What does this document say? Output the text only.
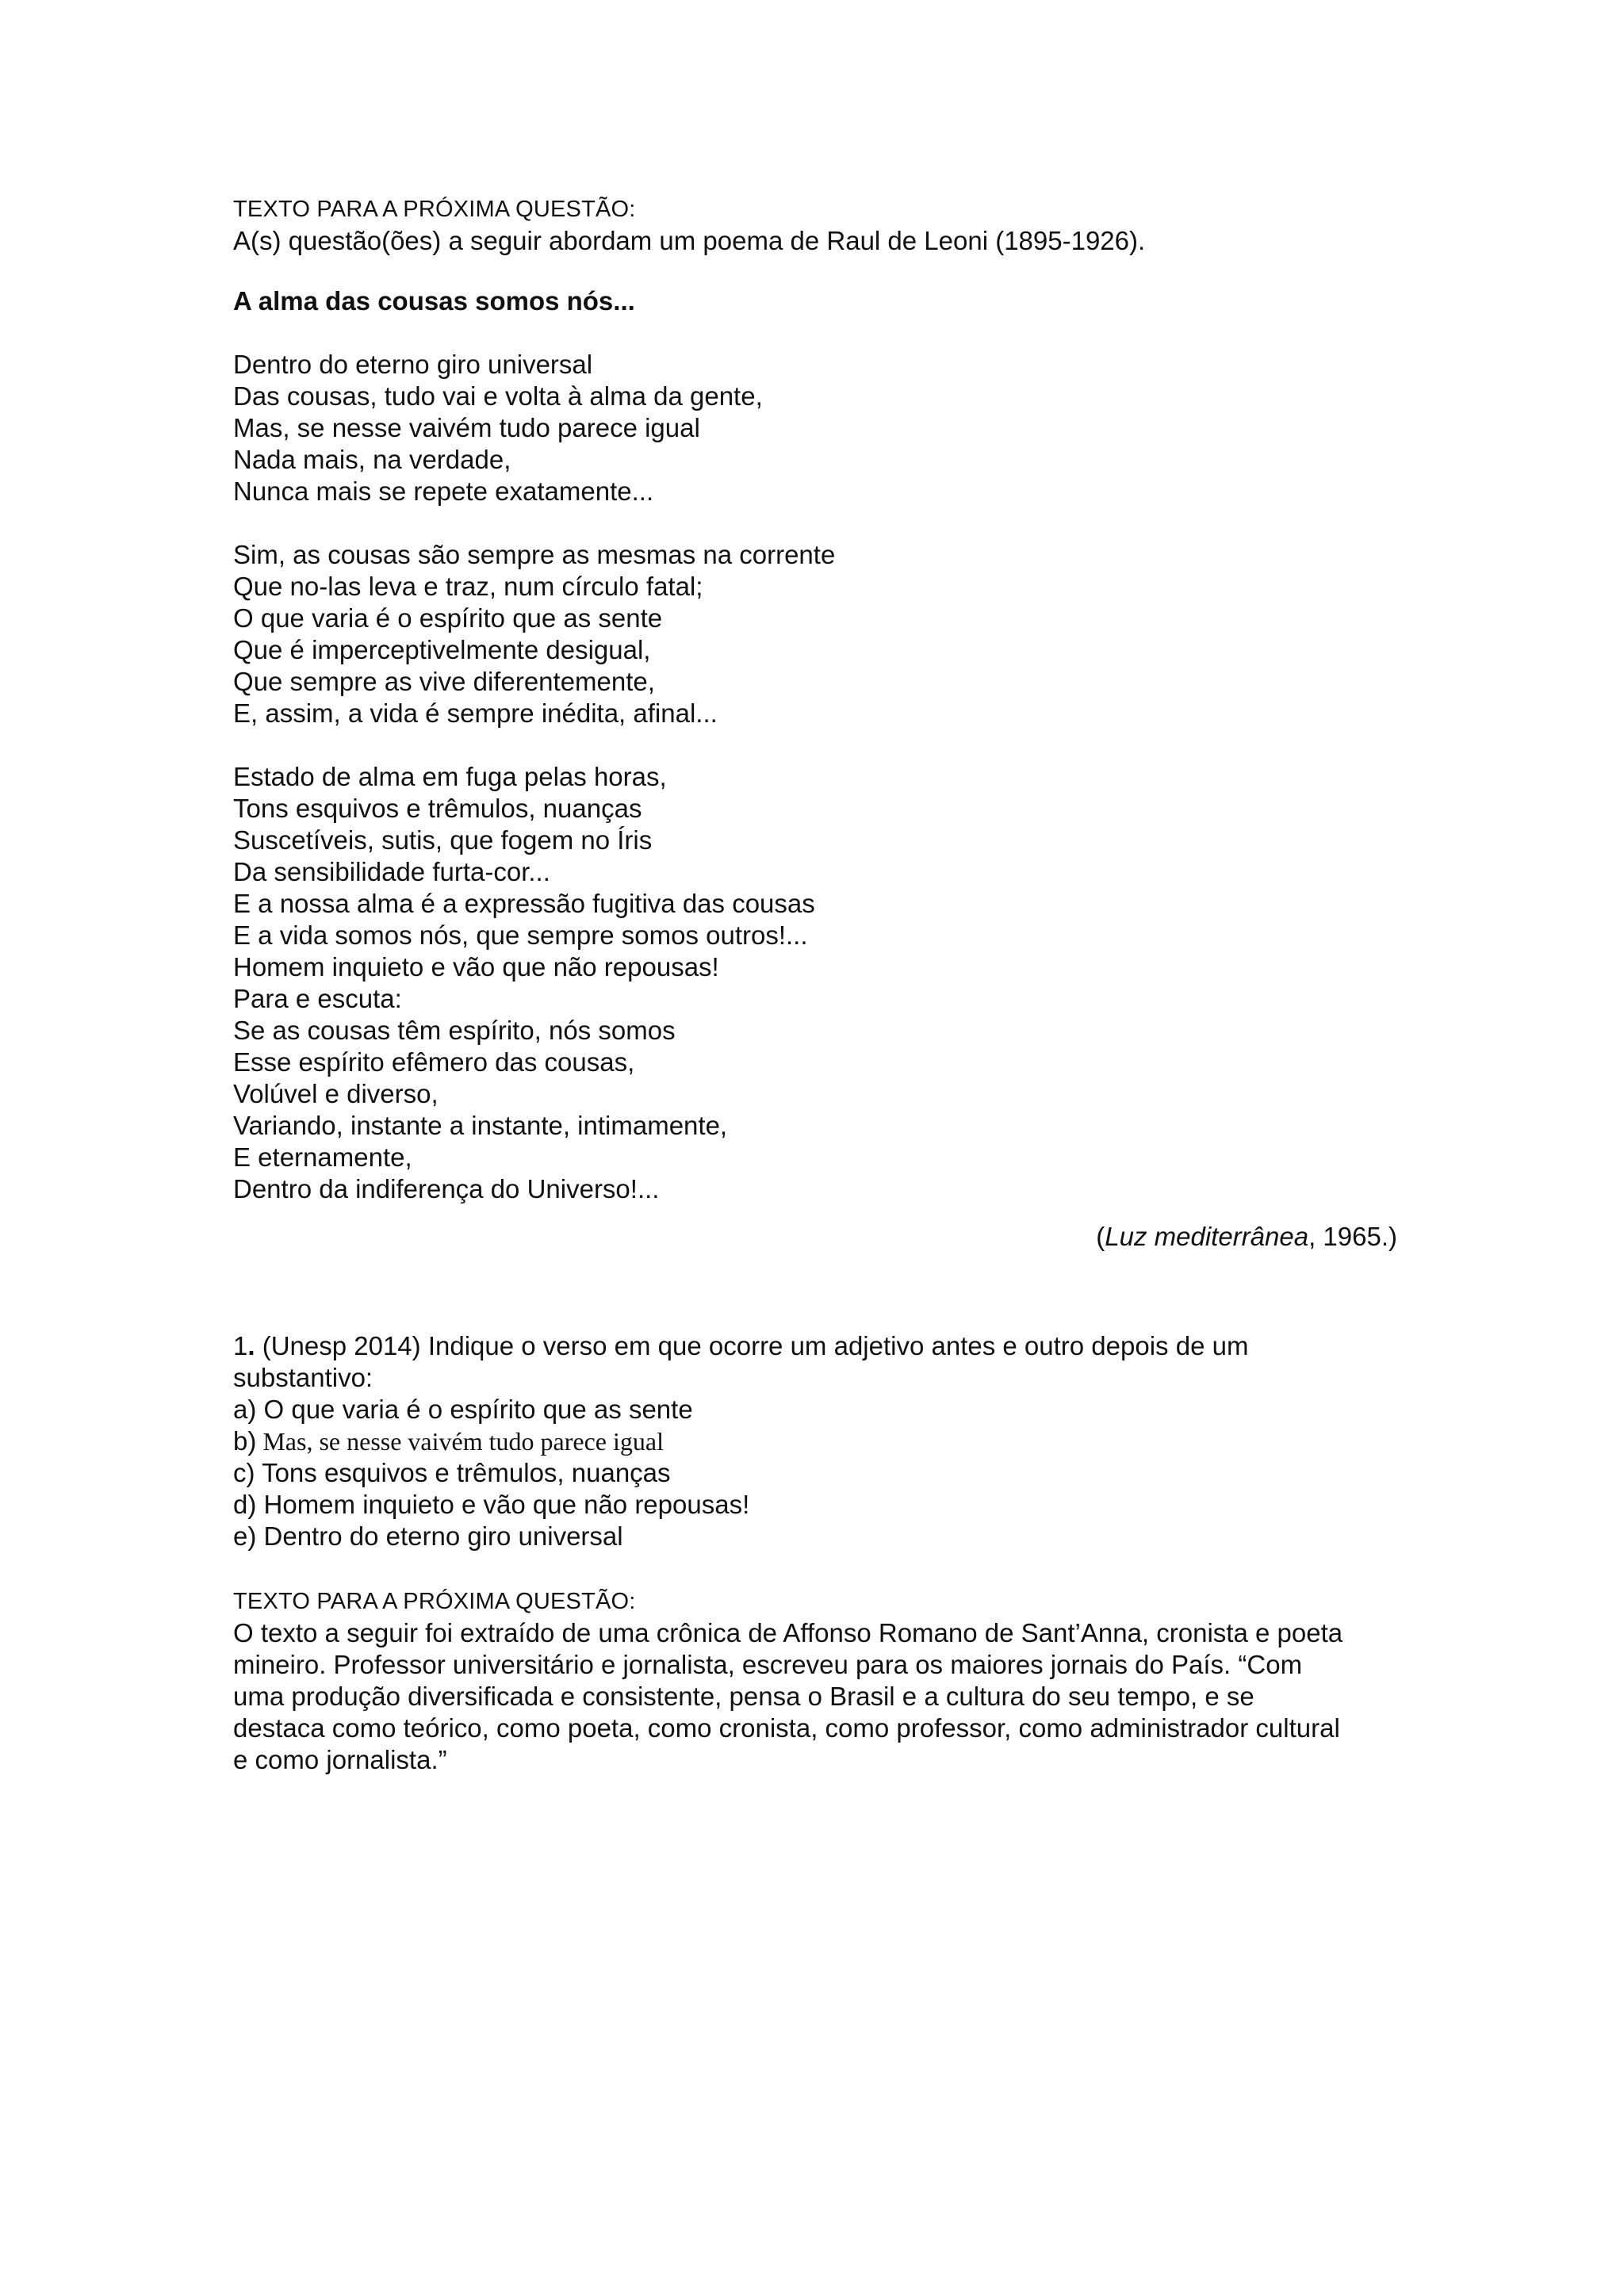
TEXTO PARA A PRÓXIMA QUESTÃO:
A(s) questão(ões) a seguir abordam um poema de Raul de Leoni (1895-1926).
A alma das cousas somos nós...
Dentro do eterno giro universal
Das cousas, tudo vai e volta à alma da gente,
Mas, se nesse vaivém tudo parece igual
Nada mais, na verdade,
Nunca mais se repete exatamente...
Sim, as cousas são sempre as mesmas na corrente
Que no-las leva e traz, num círculo fatal;
O que varia é o espírito que as sente
Que é imperceptivelmente desigual,
Que sempre as vive diferentemente,
E, assim, a vida é sempre inédita, afinal...
Estado de alma em fuga pelas horas,
Tons esquivos e trêmulos, nuanças
Suscetíveis, sutis, que fogem no Íris
Da sensibilidade furta-cor...
E a nossa alma é a expressão fugitiva das cousas
E a vida somos nós, que sempre somos outros!...
Homem inquieto e vão que não repousas!
Para e escuta:
Se as cousas têm espírito, nós somos
Esse espírito efêmero das cousas,
Volúvel e diverso,
Variando, instante a instante, intimamente,
E eternamente,
Dentro da indiferença do Universo!...
(Luz mediterrânea, 1965.)
1. (Unesp 2014) Indique o verso em que ocorre um adjetivo antes e outro depois de um
substantivo:
a) O que varia é o espírito que as sente
b) Mas, se nesse vaivém tudo parece igual
c) Tons esquivos e trêmulos, nuanças
d) Homem inquieto e vão que não repousas!
e) Dentro do eterno giro universal
TEXTO PARA A PRÓXIMA QUESTÃO:
O texto a seguir foi extraído de uma crônica de Affonso Romano de Sant’Anna, cronista e poeta
mineiro. Professor universitário e jornalista, escreveu para os maiores jornais do País. “Com
uma produção diversificada e consistente, pensa o Brasil e a cultura do seu tempo, e se
destaca como teórico, como poeta, como cronista, como professor, como administrador cultural
e como jornalista.”
